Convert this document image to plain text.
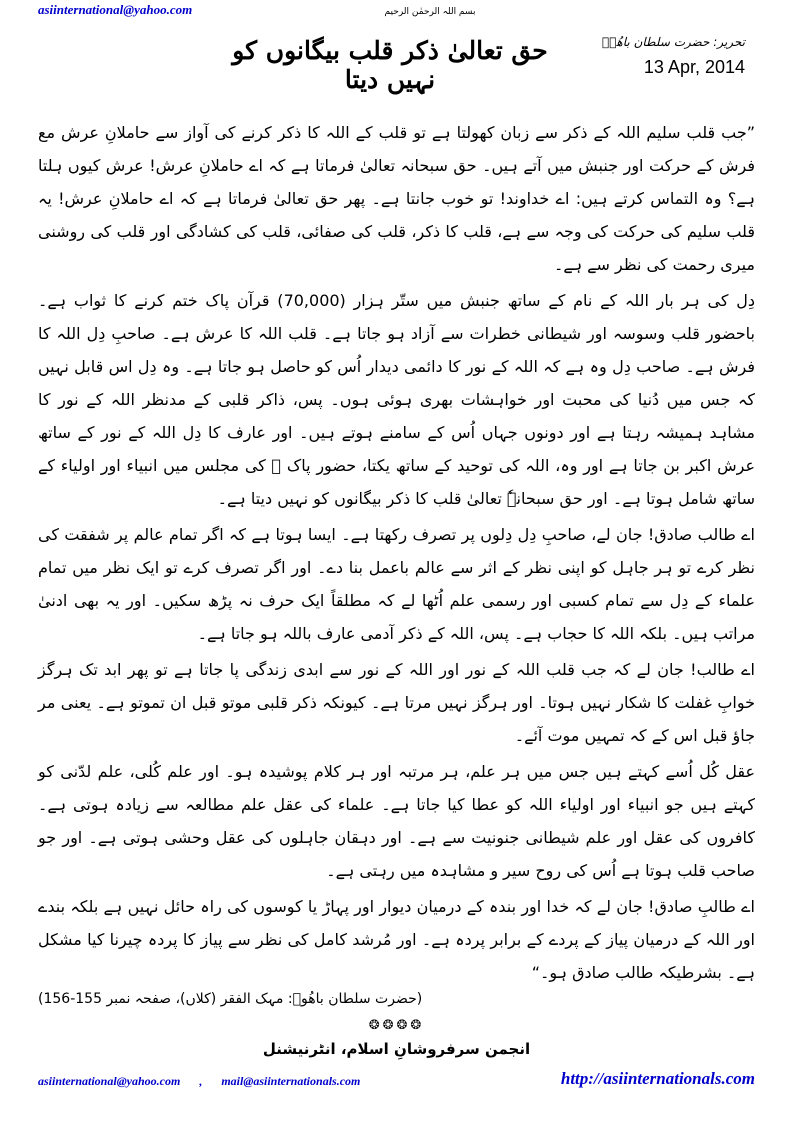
asiinternational@yahoo.com	بسم اللہ الرحمٰن الرحیم
تحریر: حضرت سلطان باھُوؒ
13 Apr, 2014
حق تعالیٰ ذکر قلب بیگانوں کو نہیں دیتا

”جب قلب سلیم اللہ کے ذکر سے زبان کھولتا ہے تو قلب کے اللہ کا ذکر کرنے کی آواز سے حاملانِ عرش مع فرش کے حرکت اور جنبش میں آتے ہیں۔ حق سبحانہ تعالیٰ فرماتا ہے کہ اے حاملانِ عرش! عرش کیوں ہلتا ہے؟ وہ التماس کرتے ہیں: اے خداوند! تو خوب جانتا ہے۔ پھر حق تعالیٰ فرماتا ہے کہ اے حاملانِ عرش! یہ قلب سلیم کی حرکت کی وجہ سے ہے، قلب کا ذکر، قلب کی صفائی، قلب کی کشادگی اور قلب کی روشنی میری رحمت کی نظر سے ہے۔

دِل کی ہر بار اللہ کے نام کے ساتھ جنبش میں ستّر ہزار (70,000) قرآن پاک ختم کرنے کا ثواب ہے۔ باحضور قلب وسوسہ اور شیطانی خطرات سے آزاد ہو جاتا ہے۔ قلب اللہ کا عرش ہے۔ صاحبِ دِل اللہ کا فرش ہے۔ صاحب دِل وہ ہے کہ اللہ کے نور کا دائمی دیدار اُس کو حاصل ہو جاتا ہے۔ وہ دِل اس قابل نہیں کہ جس میں دُنیا کی محبت اور خواہشات بھری ہوئی ہوں۔ پس، ذاکر قلبی کے مدنظر اللہ کے نور کا مشاہد ہمیشہ رہتا ہے اور دونوں جہاں اُس کے سامنے ہوتے ہیں۔ اور عارف کا دِل اللہ کے نور کے ساتھ عرش اکبر بن جاتا ہے اور وہ، اللہ کی توحید کے ساتھ یکتا، حضور پاک ﷺ کی مجلس میں انبیاء اور اولیاء کے ساتھ شامل ہوتا ہے۔ اور حق سبحانہٗ تعالیٰ قلب کا ذکر بیگانوں کو نہیں دیتا ہے۔

اے طالب صادق! جان لے، صاحبِ دِل دِلوں پر تصرف رکھتا ہے۔ ایسا ہوتا ہے کہ اگر تمام عالم پر شفقت کی نظر کرے تو ہر جاہل کو اپنی نظر کے اثر سے عالم باعمل بنا دے۔ اور اگر تصرف کرے تو ایک نظر میں تمام علماء کے دِل سے تمام کسبی اور رسمی علم اُٹھا لے کہ مطلقاً ایک حرف نہ پڑھ سکیں۔ اور یہ بھی ادنیٰ مراتب ہیں۔ بلکہ اللہ کا حجاب ہے۔ پس، اللہ کے ذکر آدمی عارف باللہ ہو جاتا ہے۔

اے طالب! جان لے کہ جب قلب اللہ کے نور اور اللہ کے نور سے ابدی زندگی پا جاتا ہے تو پھر ابد تک ہرگز خوابِ غفلت کا شکار نہیں ہوتا۔ اور ہرگز نہیں مرتا ہے۔ کیونکہ ذکر قلبی موتو قبل ان تموتو ہے۔ یعنی مر جاؤ قبل اس کے کہ تمہیں موت آئے۔

عقل کُل اُسے کہتے ہیں جس میں ہر علم، ہر مرتبہ اور ہر کلام پوشیدہ ہو۔ اور علم کُلی، علم لدّنی کو کہتے ہیں جو انبیاء اور اولیاء اللہ کو عطا کیا جاتا ہے۔ علماء کی عقل علم مطالعہ سے زیادہ ہوتی ہے۔ کافروں کی عقل اور علم شیطانی جنونیت سے ہے۔ اور دہقان جاہلوں کی عقل وحشی ہوتی ہے۔ اور جو صاحب قلب ہوتا ہے اُس کی روح سیر و مشاہدہ میں رہتی ہے۔

اے طالبِ صادق! جان لے کہ خدا اور بندہ کے درمیان دیوار اور پہاڑ یا کوسوں کی راہ حائل نہیں ہے بلکہ بندے اور اللہ کے درمیان پیاز کے پردے کے برابر پردہ ہے۔ اور مُرشد کامل کی نظر سے پیاز کا پردہ چیرنا کیا مشکل ہے۔ بشرطیکہ طالب صادق ہو۔“

(حضرت سلطان باھُوؒ: مہک الفقر (کلاں)، صفحہ نمبر 155-156)
❂❂❂❂
انجمن سرفروشانِ اسلام، انٹرنیشنل
asiinternational@yahoo.com , mail@asiinternationals.com	http://asiinternationals.com
